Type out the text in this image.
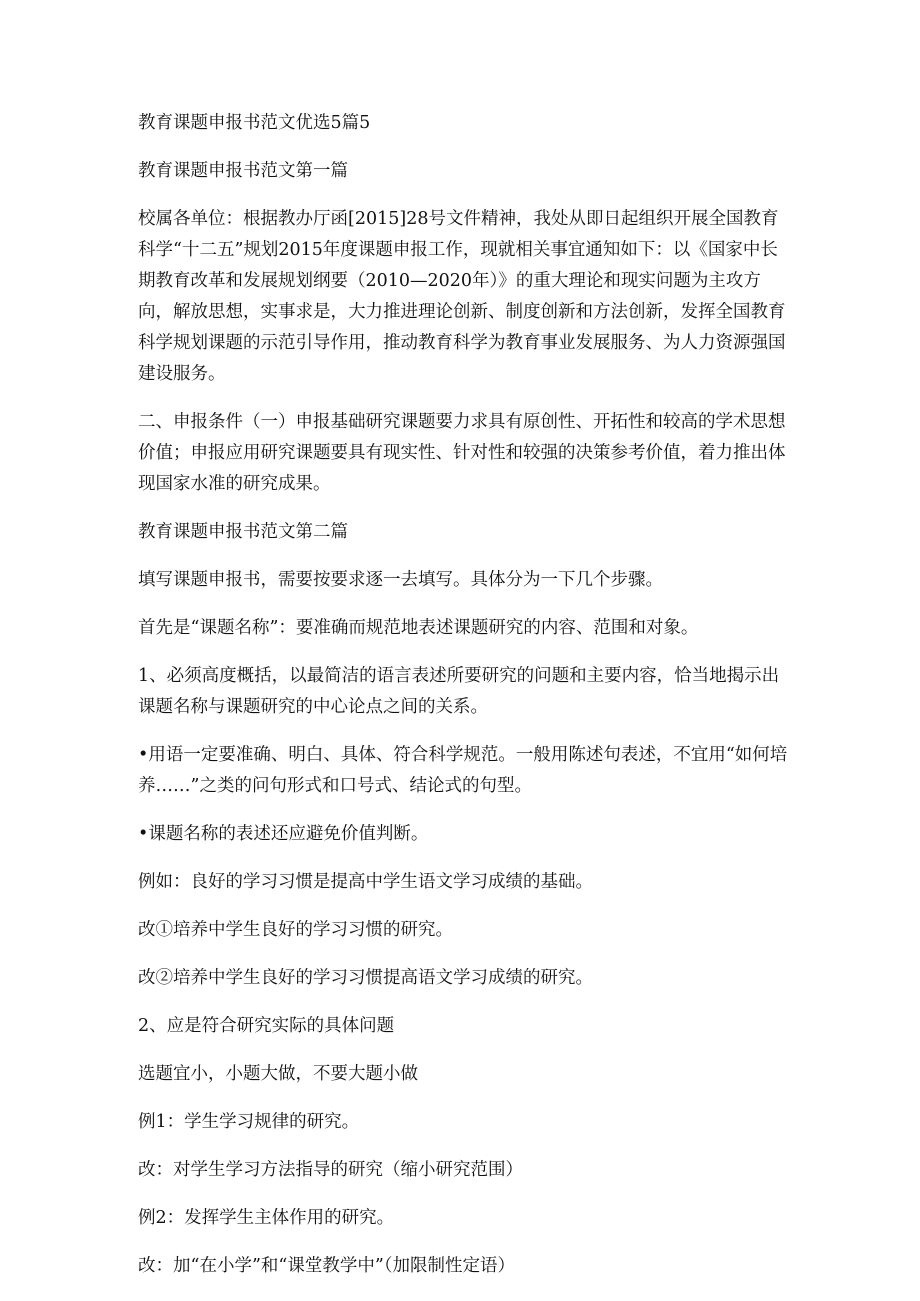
教育课题申报书范文优选5篇5

教育课题申报书范文第一篇

校属各单位：根据教办厅函[2015]28号文件精神，我处从即日起组织开展全国教育科学“十二五”规划2015年度课题申报工作，现就相关事宜通知如下：以《国家中长期教育改革和发展规划纲要（2010—2020年）》的重大理论和现实问题为主攻方向，解放思想，实事求是，大力推进理论创新、制度创新和方法创新，发挥全国教育科学规划课题的示范引导作用，推动教育科学为教育事业发展服务、为人力资源强国建设服务。

二、申报条件（一）申报基础研究课题要力求具有原创性、开拓性和较高的学术思想价值；申报应用研究课题要具有现实性、针对性和较强的决策参考价值，着力推出体现国家水准的研究成果。

教育课题申报书范文第二篇

填写课题申报书，需要按要求逐一去填写。具体分为一下几个步骤。

首先是“课题名称”：要准确而规范地表述课题研究的内容、范围和对象。

1、必须高度概括，以最简洁的语言表述所要研究的问题和主要内容，恰当地揭示出课题名称与课题研究的中心论点之间的关系。

•用语一定要准确、明白、具体、符合科学规范。一般用陈述句表述，不宜用“如何培养……”之类的问句形式和口号式、结论式的句型。

•课题名称的表述还应避免价值判断。

例如：良好的学习习惯是提高中学生语文学习成绩的基础。

改①培养中学生良好的学习习惯的研究。

改②培养中学生良好的学习习惯提高语文学习成绩的研究。

2、应是符合研究实际的具体问题

选题宜小，小题大做，不要大题小做

例1：学生学习规律的研究。

改：对学生学习方法指导的研究（缩小研究范围）

例2：发挥学生主体作用的研究。

改：加“在小学”和“课堂教学中”（加限制性定语）
